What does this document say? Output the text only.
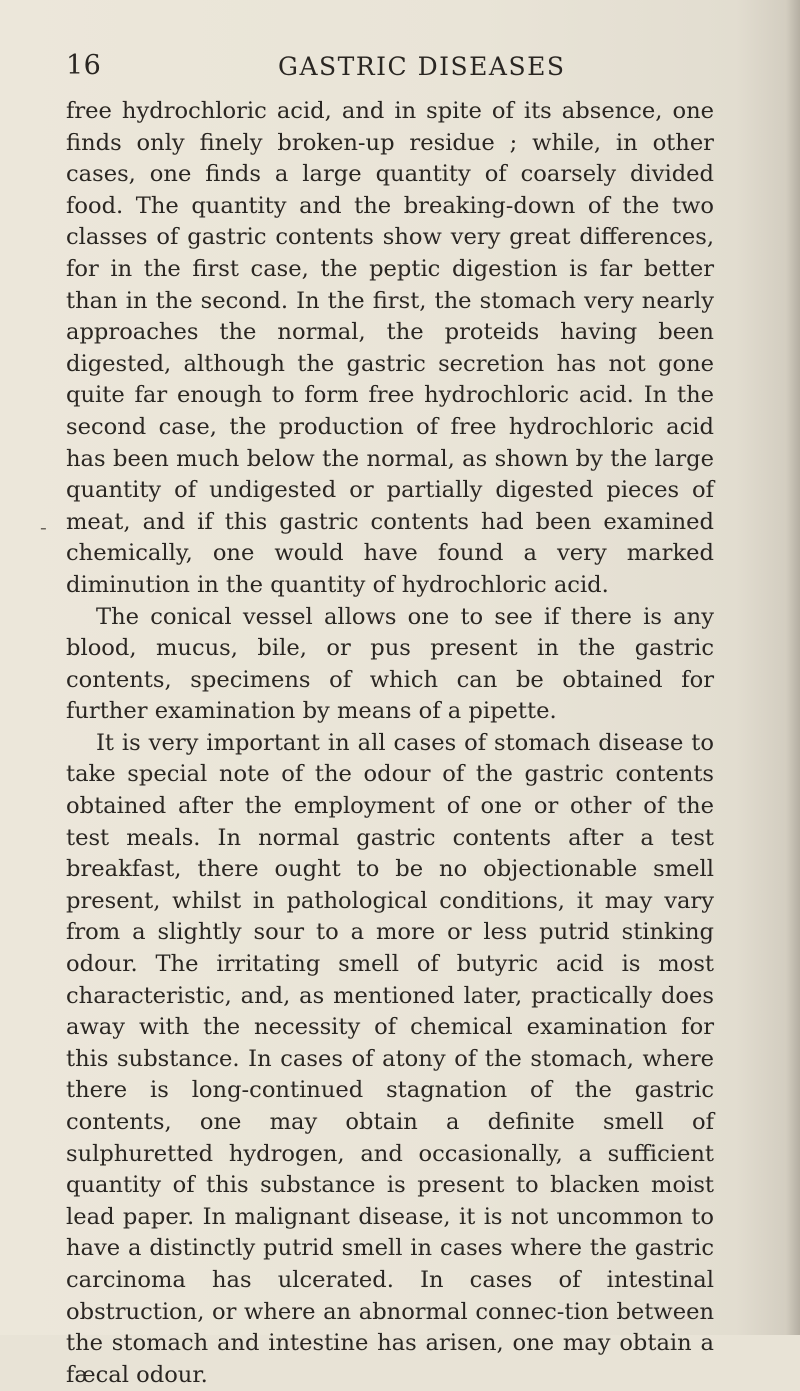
16	GASTRIC DISEASES
-

free hydrochloric acid, and in spite of its absence, one finds only finely broken-up residue ; while, in other cases, one finds a large quantity of coarsely divided food. The quantity and the breaking-down of the two classes of gastric contents show very great differences, for in the first case, the peptic digestion is far better than in the second. In the first, the stomach very nearly approaches the normal, the proteids having been digested, although the gastric secretion has not gone quite far enough to form free hydrochloric acid. In the second case, the production of free hydrochloric acid has been much below the normal, as shown by the large quantity of undigested or partially digested pieces of meat, and if this gastric contents had been examined chemically, one would have found a very marked diminution in the quantity of hydrochloric acid.

The conical vessel allows one to see if there is any blood, mucus, bile, or pus present in the gastric contents, specimens of which can be obtained for further examination by means of a pipette.

It is very important in all cases of stomach disease to take special note of the odour of the gastric contents obtained after the employment of one or other of the test meals. In normal gastric contents after a test breakfast, there ought to be no objectionable smell present, whilst in pathological conditions, it may vary from a slightly sour to a more or less putrid stinking odour. The irritating smell of butyric acid is most characteristic, and, as mentioned later, practically does away with the necessity of chemical examination for this substance. In cases of atony of the stomach, where there is long-continued stagnation of the gastric contents, one may obtain a definite smell of sulphuretted hydrogen, and occasionally, a sufficient quantity of this substance is present to blacken moist lead paper. In malignant disease, it is not uncommon to have a distinctly putrid smell in cases where the gastric carcinoma has ulcerated. In cases of intestinal obstruction, or where an abnormal connec-tion between the stomach and intestine has arisen, one may obtain a fæcal odour.
